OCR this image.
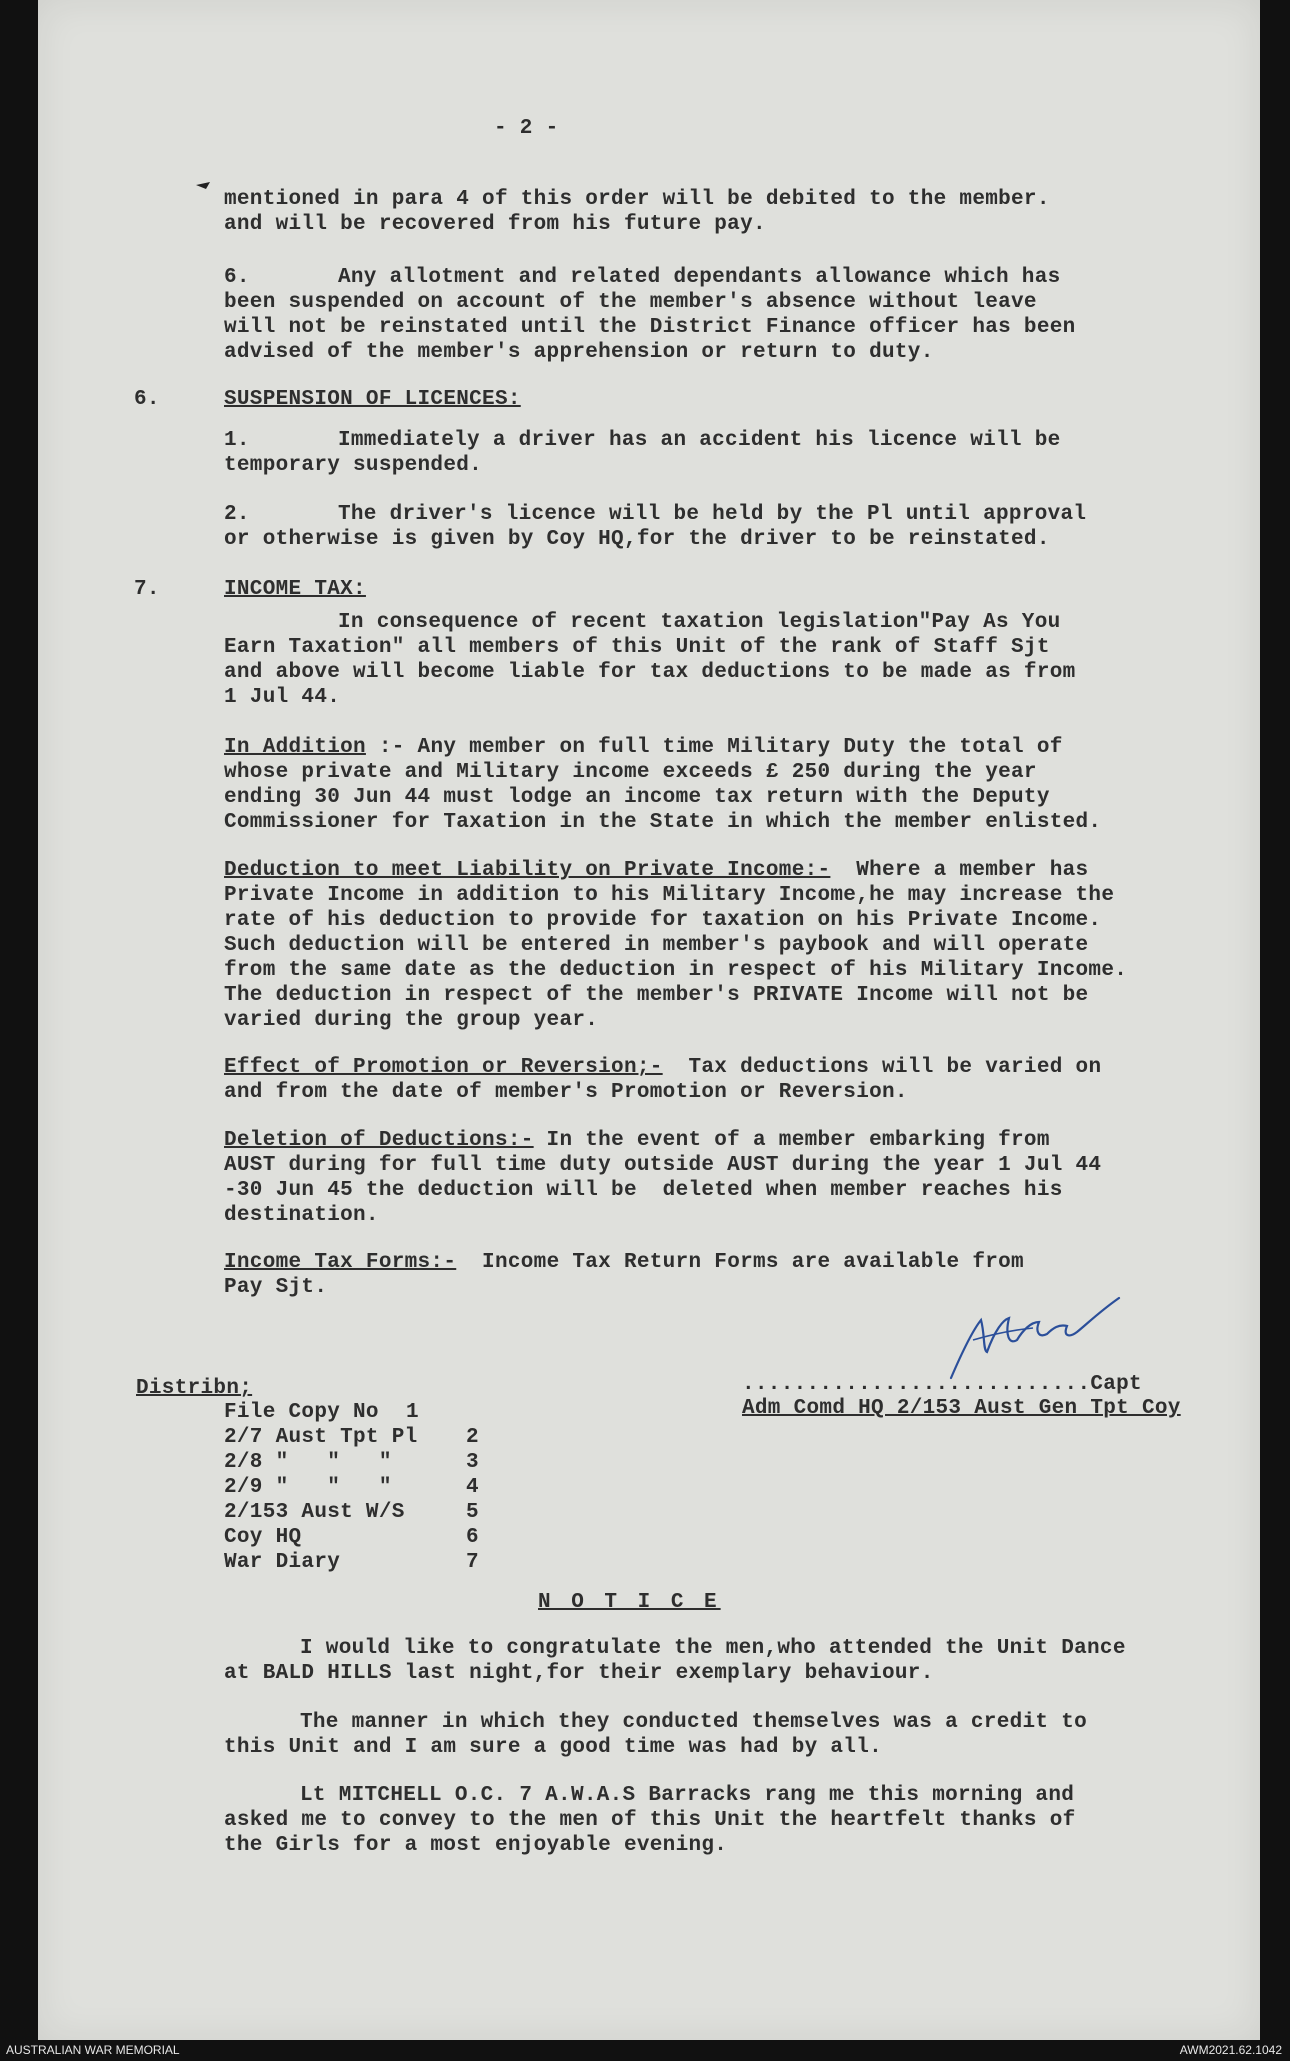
- 2 -
mentioned in para 4 of this order will be debited to the member.
and will be recovered from his future pay.
6.	Any allotment and related dependants allowance which has
been suspended on account of the member's absence without leave
will not be reinstated until the District Finance officer has been
advised of the member's apprehension or return to duty.
6.	SUSPENSION OF LICENCES:
1.	Immediately a driver has an accident his licence will be
temporary suspended.
2.	The driver's licence will be held by the Pl until approval
or otherwise is given by Coy HQ,for the driver to be reinstated.
7.	INCOME TAX:
In consequence of recent taxation legislation"Pay As You
Earn Taxation" all members of this Unit of the rank of Staff Sjt
and above will become liable for tax deductions to be made as from
1 Jul 44.
In Addition :- Any member on full time Military Duty the total of
whose private and Military income exceeds £ 250 during the year
ending 30 Jun 44 must lodge an income tax return with the Deputy
Commissioner for Taxation in the State in which the member enlisted.
Deduction to meet Liability on Private Income:-  Where a member has
Private Income in addition to his Military Income,he may increase the
rate of his deduction to provide for taxation on his Private Income.
Such deduction will be entered in member's paybook and will operate
from the same date as the deduction in respect of his Military Income.
The deduction in respect of the member's PRIVATE Income will not be
varied during the group year.
Effect of Promotion or Reversion;-  Tax deductions will be varied on
and from the date of member's Promotion or Reversion.
Deletion of Deductions:- In the event of a member embarking from
AUST during for full time duty outside AUST during the year 1 Jul 44
-30 Jun 45 the deduction will be  deleted when member reaches his
destination.
Income Tax Forms:-  Income Tax Return Forms are available from
Pay Sjt.
...........................Capt
Adm Comd HQ 2/153 Aust Gen Tpt Coy
Distribn;
File Copy No 1
2/7 Aust Tpt Pl 2
2/8 "   "   "	3
2/9 "   "   "	4
2/153 Aust W/S	5
Coy HQ	6
War Diary	7
N O T I C E
I would like to congratulate the men,who attended the Unit Dance
at BALD HILLS last night,for their exemplary behaviour.
The manner in which they conducted themselves was a credit to
this Unit and I am sure a good time was had by all.
Lt MITCHELL O.C. 7 A.W.A.S Barracks rang me this morning and
asked me to convey to the men of this Unit the heartfelt thanks of
the Girls for a most enjoyable evening.
AUSTRALIAN WAR MEMORIAL	AWM2021.62.1042
